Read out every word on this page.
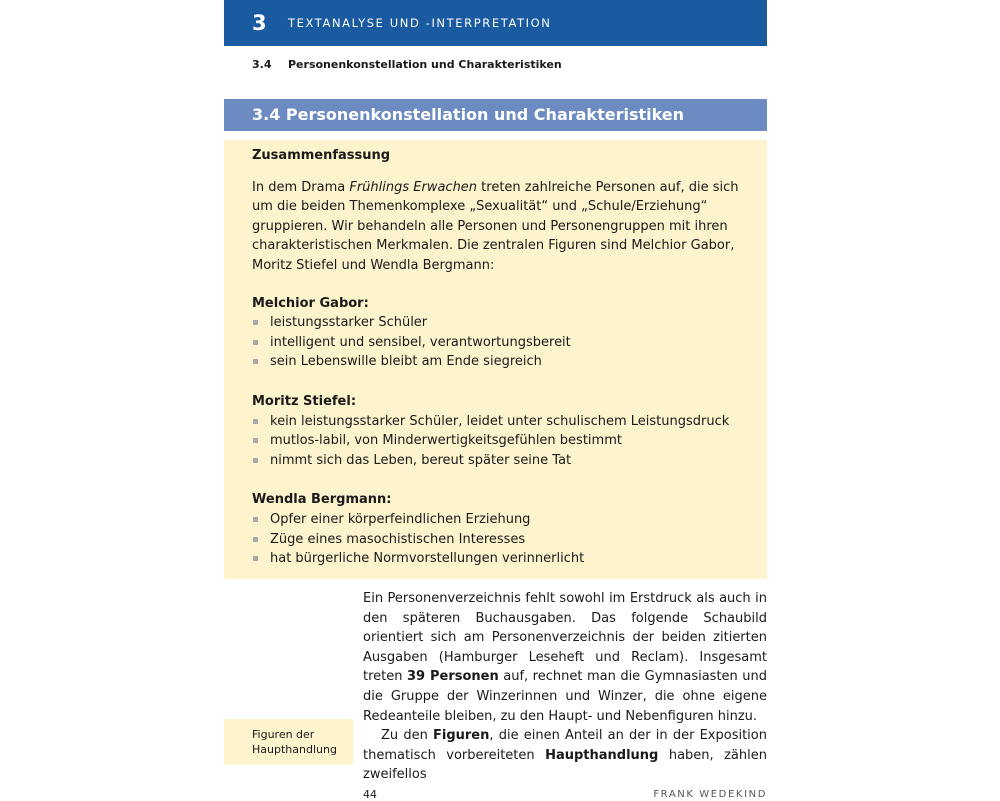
3	TEXTANALYSE UND -INTERPRETATION
3.4 Personenkonstellation und Charakteristiken
3.4 Personenkonstellation und Charakteristiken

Zusammenfassung

In dem Drama Frühlings Erwachen treten zahlreiche Personen auf, die sich um die beiden Themenkomplexe „Sexualität“ und „Schule/Erziehung“ gruppieren. Wir behandeln alle Personen und Personengruppen mit ihren charakteristischen Merkmalen. Die zentralen Figuren sind Melchior Gabor, Moritz Stiefel und Wendla Bergmann:

Melchior Gabor:

leistungsstarker Schüler
intelligent und sensibel, verantwortungsbereit
sein Lebenswille bleibt am Ende siegreich

Moritz Stiefel:

kein leistungsstarker Schüler, leidet unter schulischem Leistungsdruck
mutlos-labil, von Minderwertigkeitsgefühlen bestimmt
nimmt sich das Leben, bereut später seine Tat

Wendla Bergmann:

Opfer einer körperfeindlichen Erziehung
Züge eines masochistischen Interesses
hat bürgerliche Normvorstellungen verinnerlicht

Ein Personenverzeichnis fehlt sowohl im Erstdruck als auch in den späteren Buchausgaben. Das folgende Schaubild orientiert sich am Personenverzeichnis der beiden zitierten Ausgaben (Hamburger Leseheft und Reclam). Insgesamt treten 39 Personen auf, rechnet man die Gymnasiasten und die Gruppe der Winzerinnen und Winzer, die ohne eigene Redeanteile bleiben, zu den Haupt- und Nebenfiguren hinzu.

Zu den Figuren, die einen Anteil an der in der Exposition thematisch vorbereiteten Haupthandlung haben, zählen zweifellos

Figuren der
Haupthandlung
44	FRANK WEDEKIND
